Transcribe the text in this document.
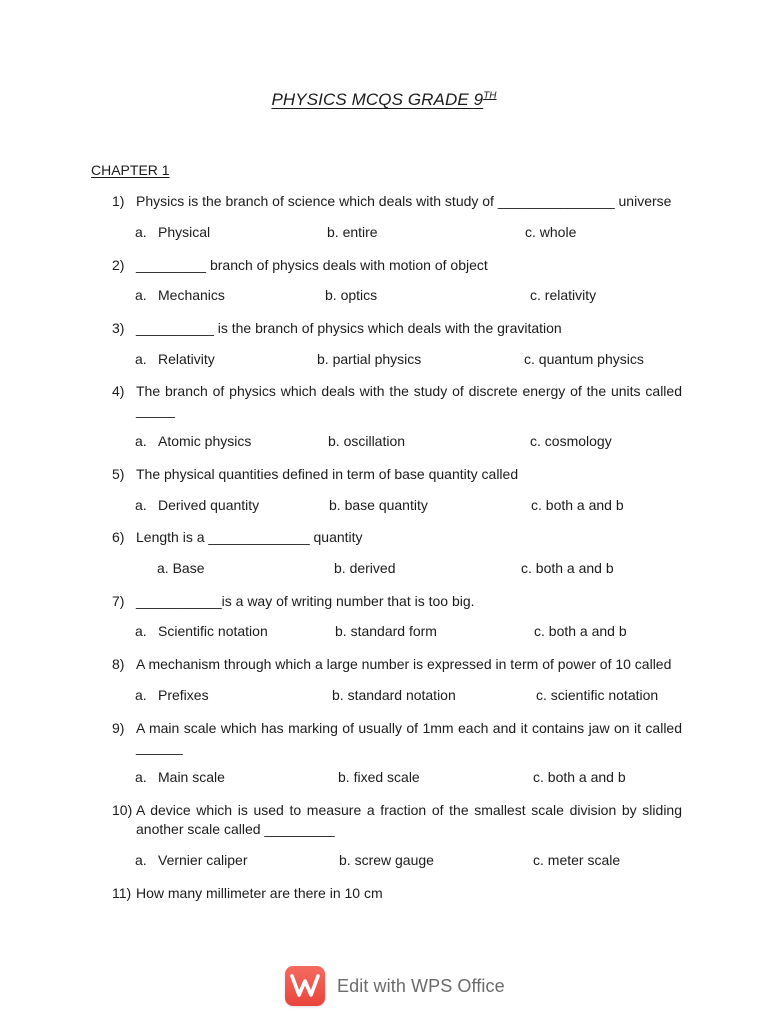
PHYSICS MCQS GRADE 9TH
CHAPTER 1
1) Physics is the branch of science which deals with study of _______________ universe
a. Physical	b. entire	c. whole
2) _________ branch of physics deals with motion of object
a. Mechanics	b. optics	c. relativity
3) __________ is the branch of physics which deals with the gravitation
a. Relativity	b. partial physics	c. quantum physics
4) The branch of physics which deals with the study of discrete energy of the units called _____
a. Atomic physics	b. oscillation	c. cosmology
5) The physical quantities defined in term of base quantity called
a. Derived quantity	b. base quantity	c. both a and b
6) Length is a _____________ quantity
a. Base	b. derived	c. both a and b
7) ___________is a way of writing number that is too big.
a. Scientific notation	b. standard form	c. both a and b
8) A mechanism through which a large number is expressed in term of power of 10 called
a. Prefixes	b. standard notation	c. scientific notation
9) A main scale which has marking of usually of 1mm each and it contains jaw on it called ______
a. Main scale	b. fixed scale	c. both a and b
10) A device which is used to measure a fraction of the smallest scale division by sliding another scale called _________
a. Vernier caliper	b. screw gauge	c. meter scale
11) How many millimeter are there in 10 cm
Edit with WPS Office
